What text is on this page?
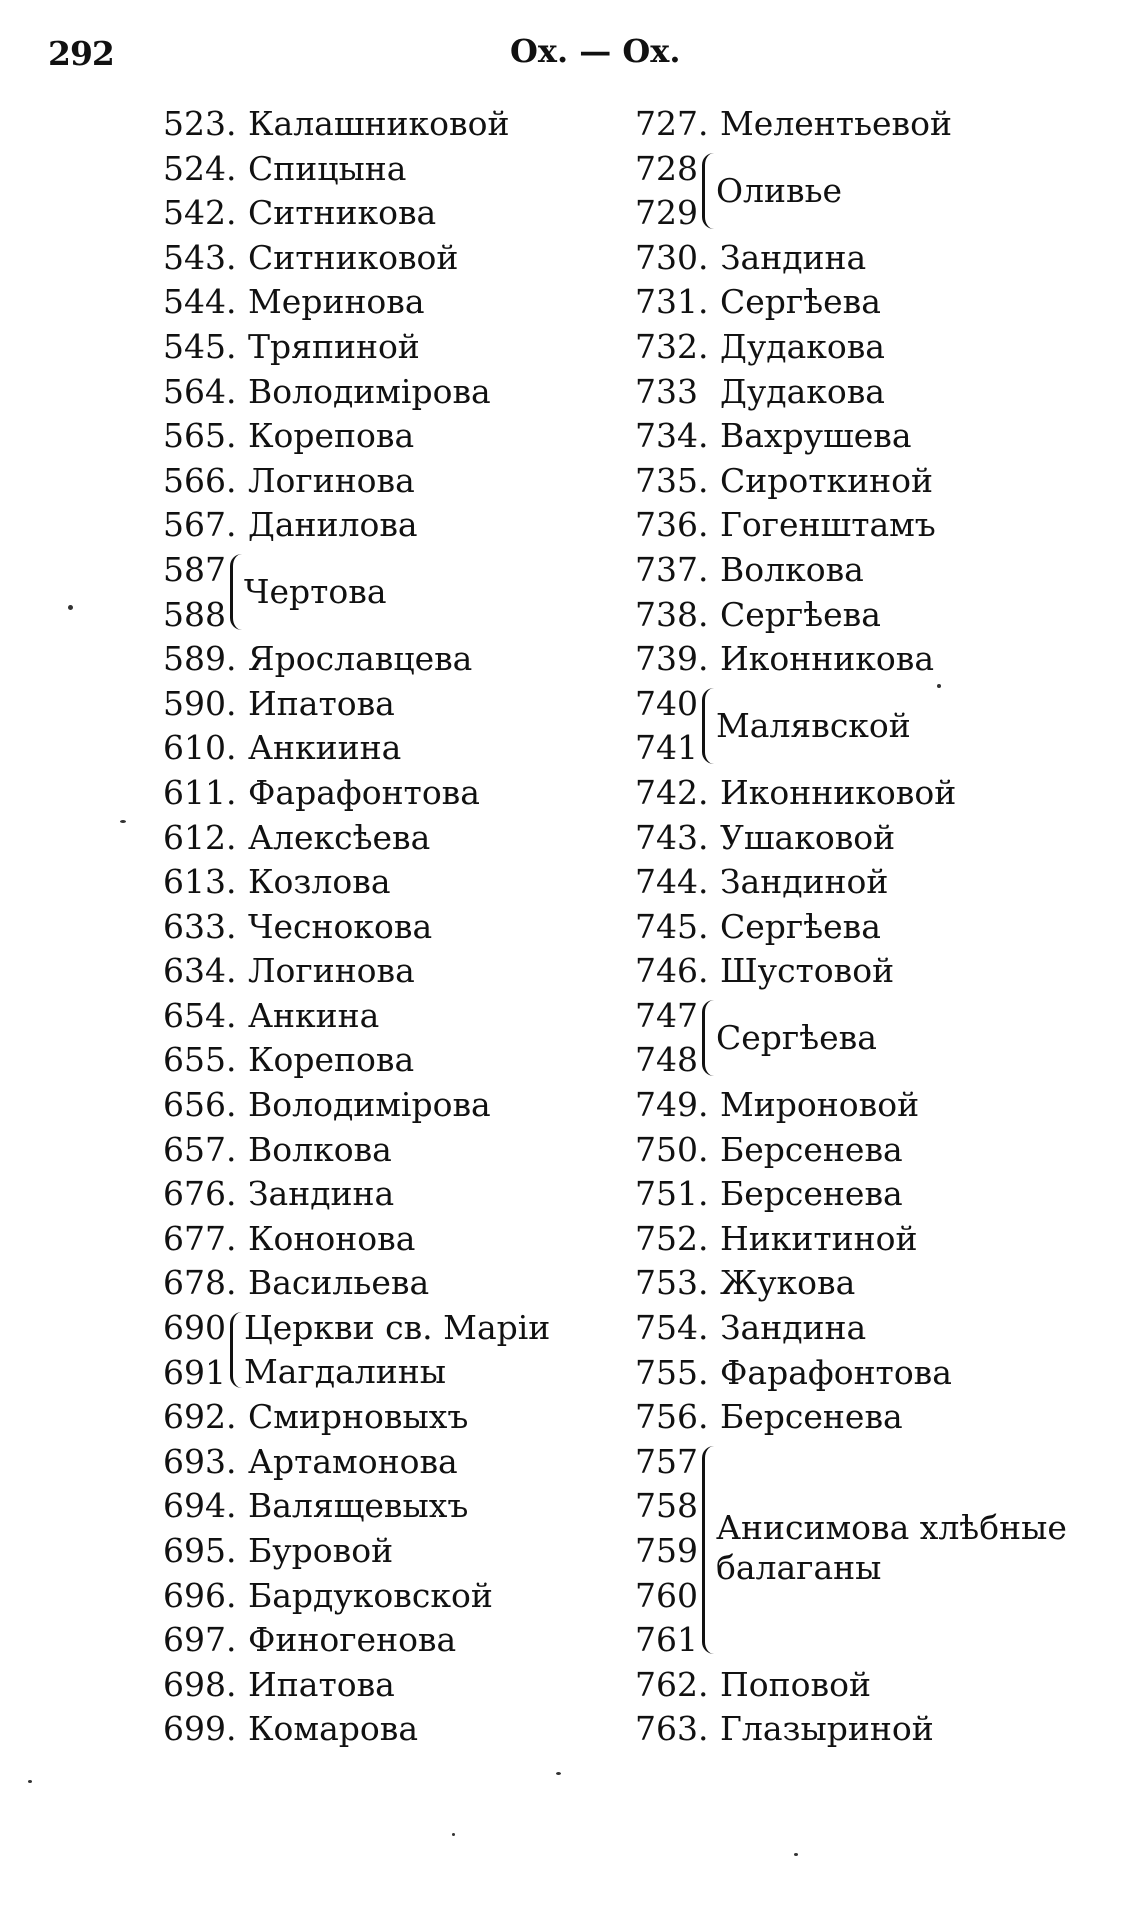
292	Ох. — Ох.
523. Калашниковой
524. Спицына
542. Ситникова
543. Ситниковой
544. Меринова
545. Тряпиной
564. Володимiрова
565. Корепова
566. Логинова
567. Данилова
587
588
Чертова
589. Ярославцева
590. Ипатова
610. Анкиина
611. Фарафонтова
612. Алексѣева
613. Козлова
633. Чеснокова
634. Логинова
654. Анкина
655. Корепова
656. Володимiрова
657. Волкова
676. Зандина
677. Кононова
678. Васильева
690
691
Церкви св. Марiи
Магдалины
692. Смирновыхъ
693. Артамонова
694. Валящевыхъ
695. Буровой
696. Бардуковской
697. Финогенова
698. Ипатова
699. Комарова
727. Мелентьевой
728
729
Оливье
730. Зандина
731. Сергѣева
732. Дудакова
733 Дудакова
734. Вахрушева
735. Сироткиной
736. Гогенштамъ
737. Волкова
738. Сергѣева
739. Иконникова
740
741
Малявской
742. Иконниковой
743. Ушаковой
744. Зандиной
745. Сергѣева
746. Шустовой
747
748
Сергѣева
749. Мироновой
750. Берсенева
751. Берсенева
752. Никитиной
753. Жукова
754. Зандина
755. Фарафонтова
756. Берсенева
757
758
759
760
761
Анисимова хлѣбные
балаганы
762. Поповой
763. Глазыриной
